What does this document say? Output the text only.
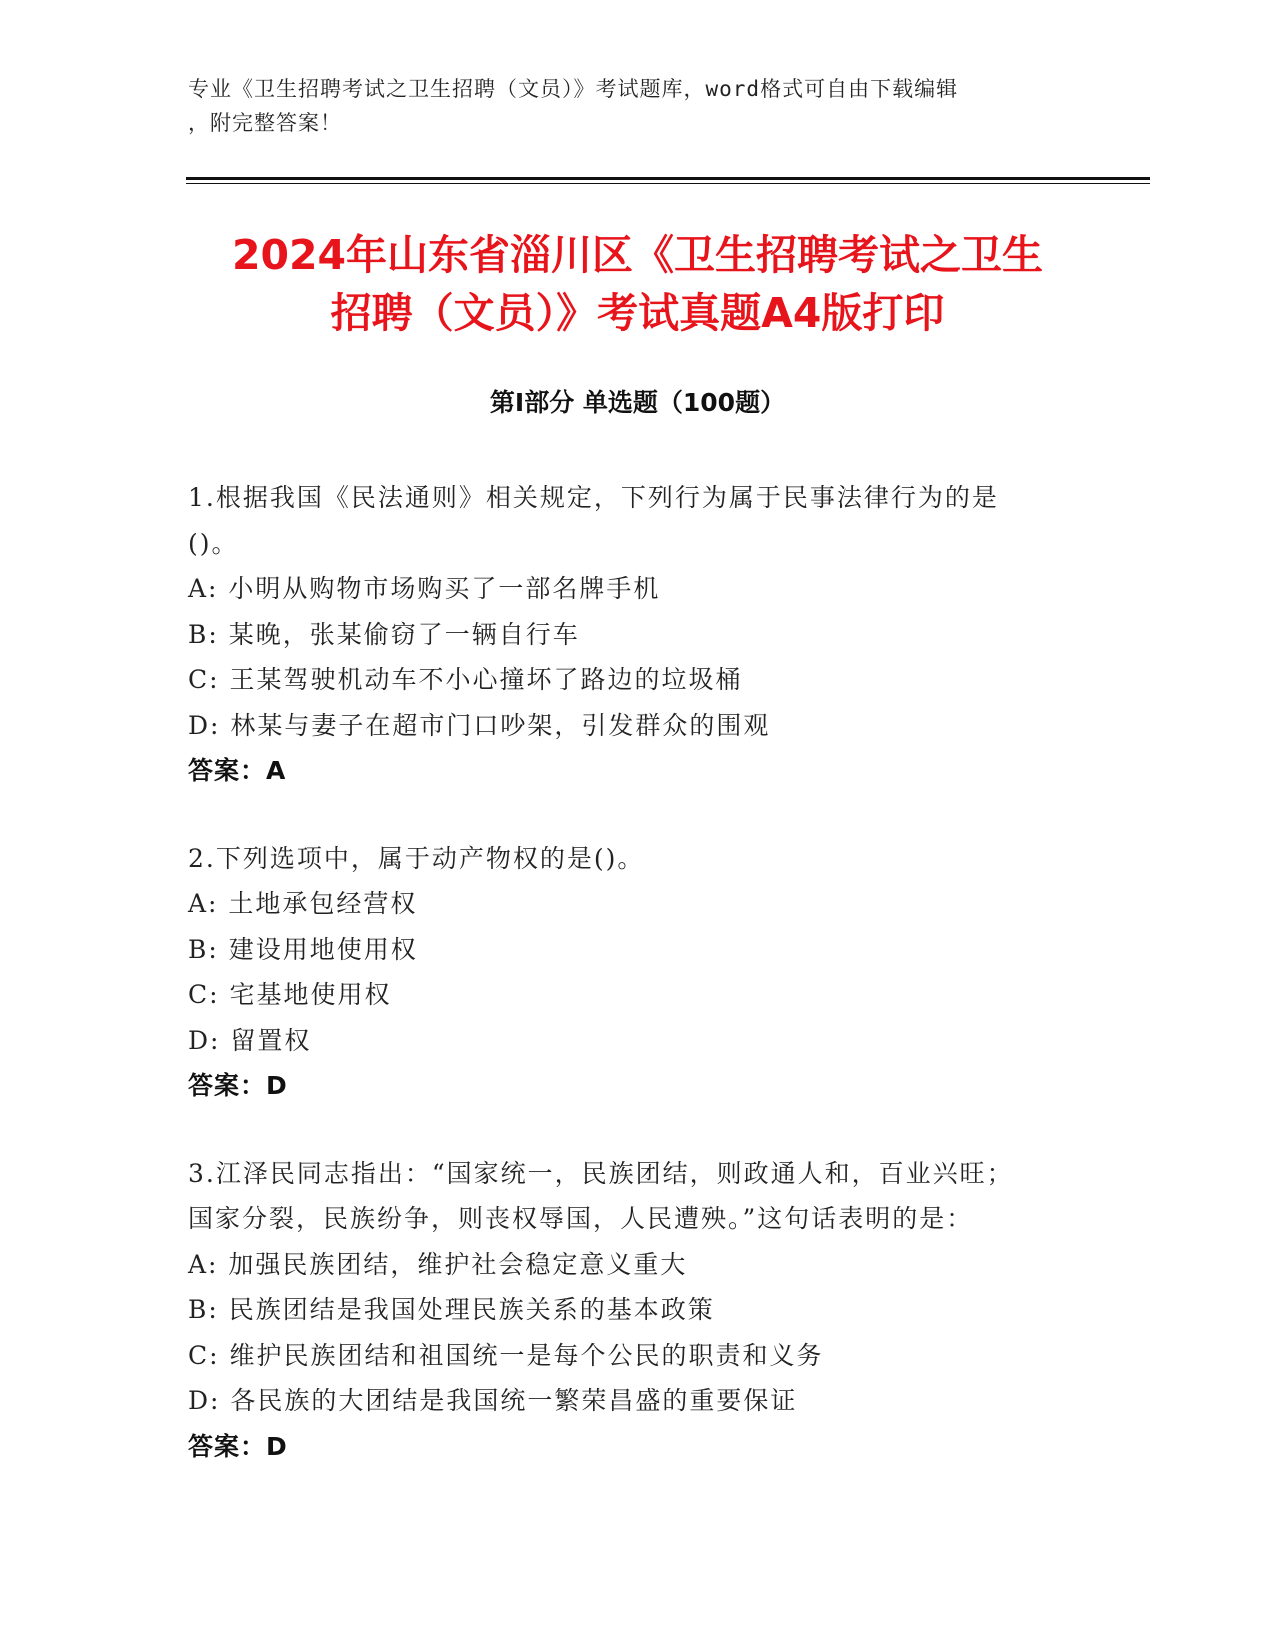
专业《卫生招聘考试之卫生招聘（文员）》考试题库，word格式可自由下载编辑
，附完整答案！
2024年山东省淄川区《卫生招聘考试之卫生
招聘（文员）》考试真题A4版打印
第I部分 单选题（100题）
1.根据我国《民法通则》相关规定，下列行为属于民事法律行为的是
()。
A: 小明从购物市场购买了一部名牌手机
B: 某晚，张某偷窃了一辆自行车
C: 王某驾驶机动车不小心撞坏了路边的垃圾桶
D: 林某与妻子在超市门口吵架，引发群众的围观
答案：A
2.下列选项中，属于动产物权的是()。
A: 土地承包经营权
B: 建设用地使用权
C: 宅基地使用权
D: 留置权
答案：D
3.江泽民同志指出：“国家统一，民族团结，则政通人和，百业兴旺；
国家分裂，民族纷争，则丧权辱国，人民遭殃。”这句话表明的是：
A: 加强民族团结，维护社会稳定意义重大
B: 民族团结是我国处理民族关系的基本政策
C: 维护民族团结和祖国统一是每个公民的职责和义务
D: 各民族的大团结是我国统一繁荣昌盛的重要保证
答案：D
